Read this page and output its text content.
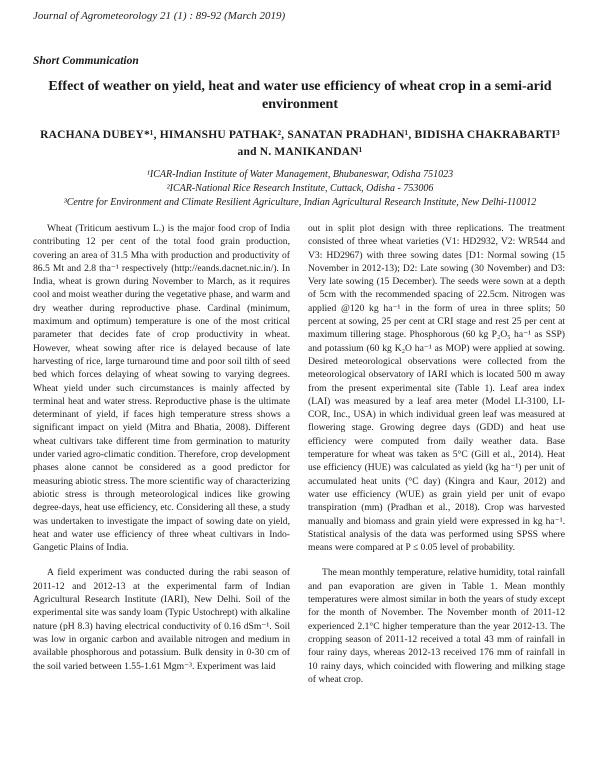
Journal of Agrometeorology 21 (1) : 89-92 (March 2019)
Short Communication
Effect of weather on yield, heat and water use efficiency of wheat crop in a semi-arid environment
RACHANA DUBEY*¹, HIMANSHU PATHAK², SANATAN PRADHAN¹, BIDISHA CHAKRABARTI³ and N. MANIKANDAN¹
¹ICAR-Indian Institute of Water Management, Bhubaneswar, Odisha 751023
²ICAR-National Rice Research Institute, Cuttack, Odisha - 753006
³Centre for Environment and Climate Resilient Agriculture, Indian Agricultural Research Institute, New Delhi-110012

Wheat (Triticum aestivum L.) is the major food crop of India contributing 12 per cent of the total food grain production, covering an area of 31.5 Mha with production and productivity of 86.5 Mt and 2.8 tha⁻¹ respectively (http://eands.dacnet.nic.in/). In India, wheat is grown during November to March, as it requires cool and moist weather during the vegetative phase, and warm and dry weather during reproductive phase. Cardinal (minimum, maximum and optimum) temperature is one of the most critical parameter that decides fate of crop productivity in wheat. However, wheat sowing after rice is delayed because of late harvesting of rice, large turnaround time and poor soil tilth of seed bed which forces delaying of wheat sowing to varying degrees. Wheat yield under such circumstances is mainly affected by terminal heat and water stress. Reproductive phase is the ultimate determinant of yield, if faces high temperature stress shows a significant impact on yield (Mitra and Bhatia, 2008). Different wheat cultivars take different time from germination to maturity under varied agro-climatic condition. Therefore, crop development phases alone cannot be considered as a good predictor for measuring abiotic stress. The more scientific way of characterizing abiotic stress is through meteorological indices like growing degree-days, heat use efficiency, etc. Considering all these, a study was undertaken to investigate the impact of sowing date on yield, heat and water use efficiency of three wheat cultivars in Indo-Gangetic Plains of India.

A field experiment was conducted during the rabi season of 2011-12 and 2012-13 at the experimental farm of Indian Agricultural Research Institute (IARI), New Delhi. Soil of the experimental site was sandy loam (Typic Ustochrept) with alkaline nature (pH 8.3) having electrical conductivity of 0.16 dSm⁻¹. Soil was low in organic carbon and available nitrogen and medium in available phosphorous and potassium. Bulk density in 0-30 cm of the soil varied between 1.55-1.61 Mgm⁻³. Experiment was laid

out in split plot design with three replications. The treatment consisted of three wheat varieties (V1: HD2932, V2: WR544 and V3: HD2967) with three sowing dates [D1: Normal sowing (15 November in 2012-13); D2: Late sowing (30 November) and D3: Very late sowing (15 December). The seeds were sown at a depth of 5cm with the recommended spacing of 22.5cm. Nitrogen was applied @120 kg ha⁻¹ in the form of urea in three splits; 50 percent at sowing, 25 per cent at CRI stage and rest 25 per cent at maximum tillering stage. Phosphorous (60 kg P₂O₅ ha⁻¹ as SSP) and potassium (60 kg K₂O ha⁻¹ as MOP) were applied at sowing. Desired meteorological observations were collected from the meteorological observatory of IARI which is located 500 m away from the present experimental site (Table 1). Leaf area index (LAI) was measured by a leaf area meter (Model LI-3100, LI-COR, Inc., USA) in which individual green leaf was measured at flowering stage. Growing degree days (GDD) and heat use efficiency were computed from daily weather data. Base temperature for wheat was taken as 5°C (Gill et al., 2014). Heat use efficiency (HUE) was calculated as yield (kg ha⁻¹) per unit of accumulated heat units (°C day) (Kingra and Kaur, 2012) and water use efficiency (WUE) as grain yield per unit of evapo transpiration (mm) (Pradhan et al., 2018). Crop was harvested manually and biomass and grain yield were expressed in kg ha⁻¹. Statistical analysis of the data was performed using SPSS where means were compared at P ≤ 0.05 level of probability.

The mean monthly temperature, relative humidity, total rainfall and pan evaporation are given in Table 1. Mean monthly temperatures were almost similar in both the years of study except for the month of November. The November month of 2011-12 experienced 2.1°C higher temperature than the year 2012-13. The cropping season of 2011-12 received a total 43 mm of rainfall in four rainy days, whereas 2012-13 received 176 mm of rainfall in 10 rainy days, which coincided with flowering and milking stage of wheat crop.
